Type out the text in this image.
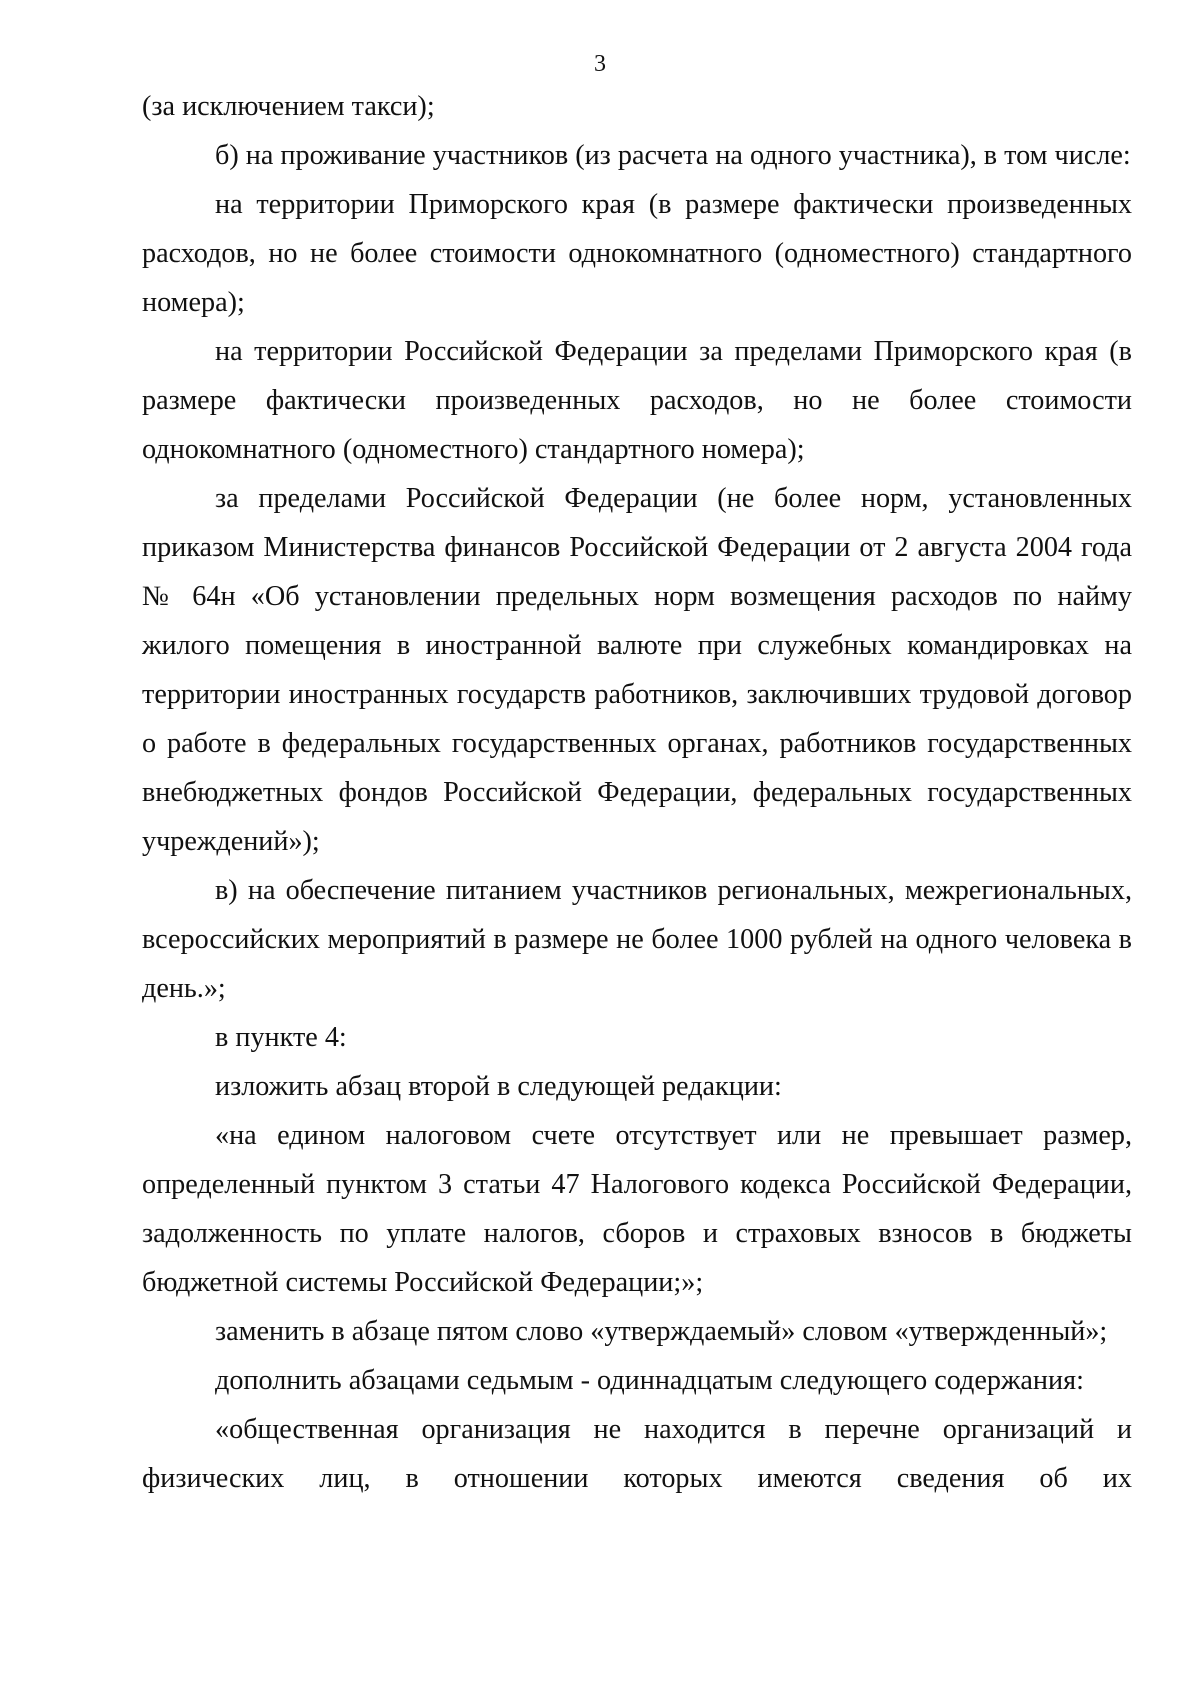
3

(за исключением такси);

б) на проживание участников (из расчета на одного участника), в том числе:

на территории Приморского края (в размере фактически произведенных расходов, но не более стоимости однокомнатного (одноместного) стандартного номера);

на территории Российской Федерации за пределами Приморского края (в размере фактически произведенных расходов, но не более стоимости однокомнатного (одноместного) стандартного номера);

за пределами Российской Федерации (не более норм, установленных приказом Министерства финансов Российской Федерации от 2 августа 2004 года № 64н «Об установлении предельных норм возмещения расходов по найму жилого помещения в иностранной валюте при служебных командировках на территории иностранных государств работников, заключивших трудовой договор о работе в федеральных государственных органах, работников государственных внебюджетных фондов Российской Федерации, федеральных государственных учреждений»);

в) на обеспечение питанием участников региональных, межрегиональных, всероссийских мероприятий в размере не более 1000 рублей на одного человека в день.»;

в пункте 4:

изложить абзац второй в следующей редакции:

«на едином налоговом счете отсутствует или не превышает размер, определенный пунктом 3 статьи 47 Налогового кодекса Российской Федерации, задолженность по уплате налогов, сборов и страховых взносов в бюджеты бюджетной системы Российской Федерации;»;

заменить в абзаце пятом слово «утверждаемый» словом «утвержденный»;

дополнить абзацами седьмым - одиннадцатым следующего содержания:

«общественная организация не находится в перечне организаций и физических лиц, в отношении которых имеются сведения об их
